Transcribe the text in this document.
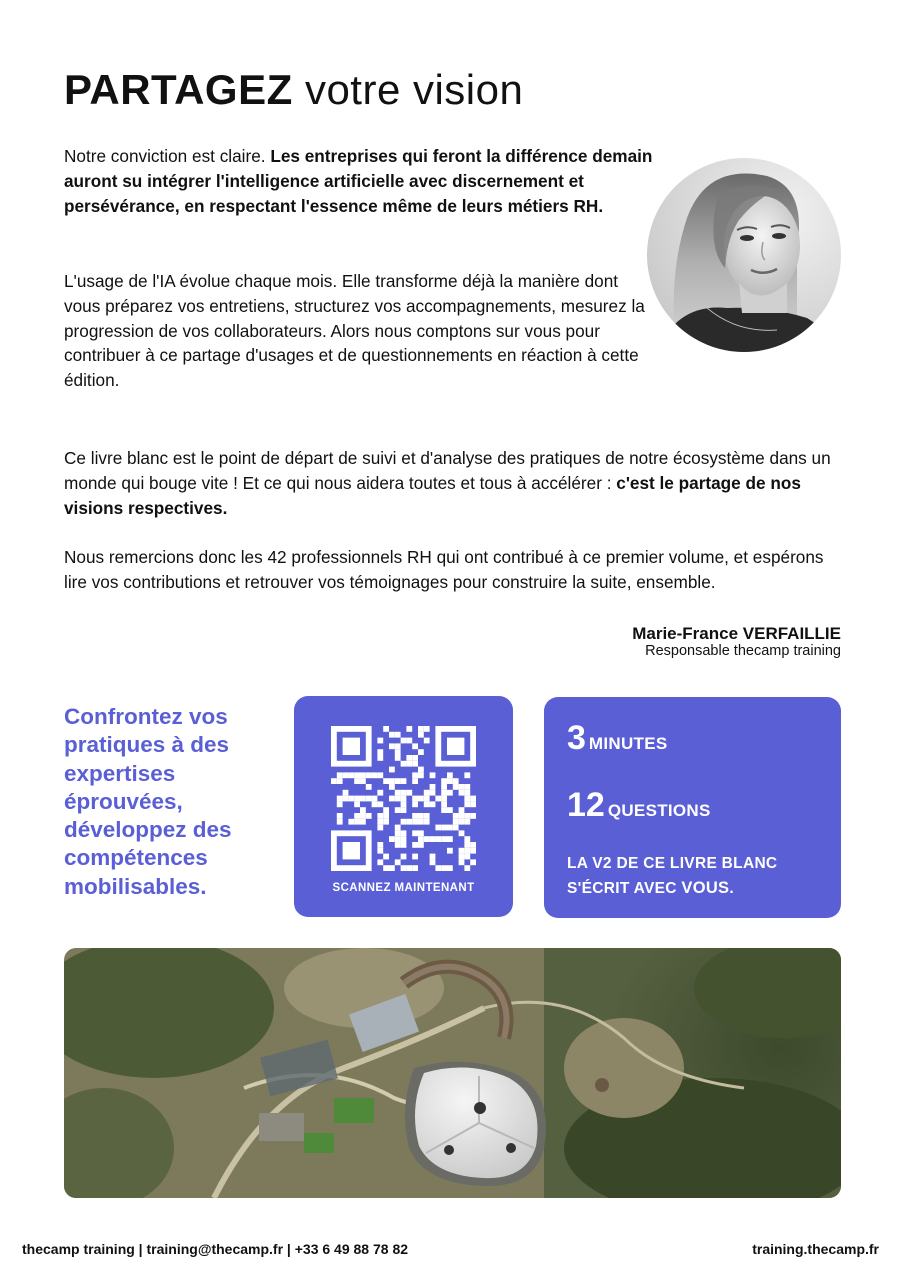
PARTAGEZ votre vision
Notre conviction est claire. Les entreprises qui feront la différence demain auront su intégrer l'intelligence artificielle avec discernement et persévérance, en respectant l'essence même de leurs métiers RH.
L'usage de l'IA évolue chaque mois. Elle transforme déjà la manière dont vous préparez vos entretiens, structurez vos accompagnements, mesurez la progression de vos collaborateurs. Alors nous comptons sur vous pour contribuer à ce partage d'usages et de questionnements en réaction à cette édition.
Ce livre blanc est le point de départ de suivi et d'analyse des pratiques de notre écosystème dans un monde qui bouge vite ! Et ce qui nous aidera toutes et tous à accélérer : c'est le partage de nos visions respectives.
Nous remercions donc les 42 professionnels RH qui ont contribué à ce premier volume, et espérons lire vos contributions et retrouver vos témoignages pour construire la suite, ensemble.
Marie-France VERFAILLIE
Responsable thecamp training
Confrontez vos pratiques à des expertises éprouvées, développez des compétences mobilisables.	SCANNEZ MAINTENANT
3 MINUTES
12 QUESTIONS
LA V2 DE CE LIVRE BLANC S'ÉCRIT AVEC VOUS.
thecamp training | training@thecamp.fr | +33 6 49 88 78 82	training.thecamp.fr
